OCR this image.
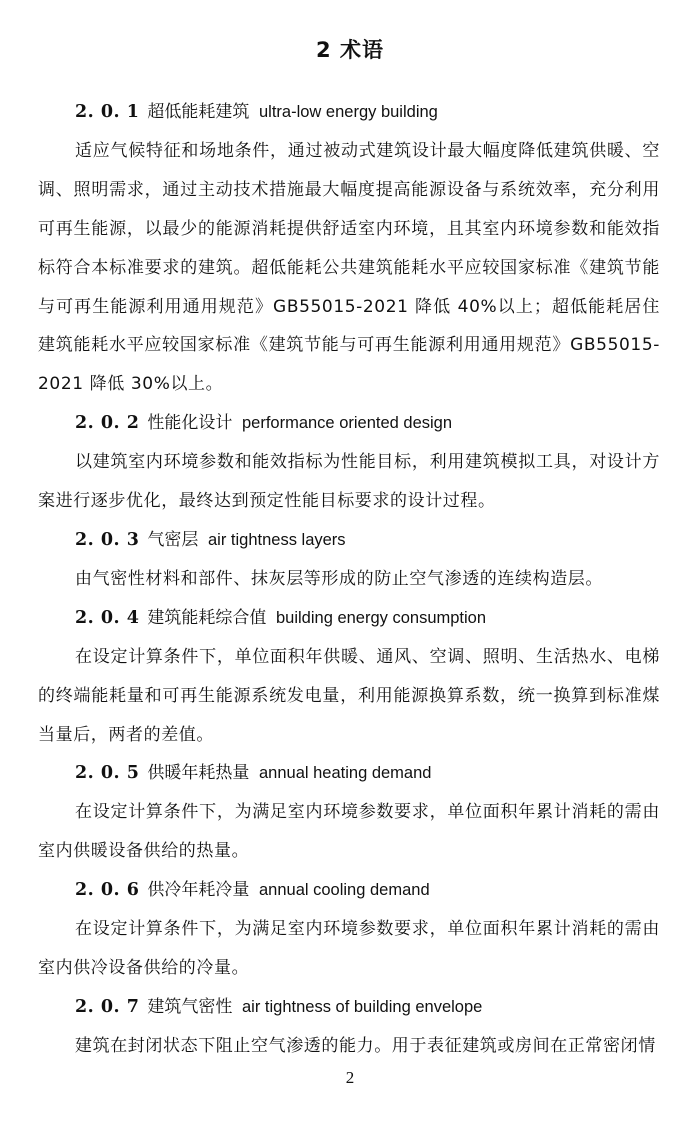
2 术语
2. 0. 1 超低能耗建筑 ultra-low energy building
适应气候特征和场地条件，通过被动式建筑设计最大幅度降低建筑供暖、空调、照明需求，通过主动技术措施最大幅度提高能源设备与系统效率，充分利用可再生能源，以最少的能源消耗提供舒适室内环境，且其室内环境参数和能效指标符合本标准要求的建筑。超低能耗公共建筑能耗水平应较国家标准《建筑节能与可再生能源利用通用规范》GB55015-2021 降低 40%以上；超低能耗居住建筑能耗水平应较国家标准《建筑节能与可再生能源利用通用规范》GB55015-2021 降低 30%以上。
2. 0. 2 性能化设计 performance oriented design
以建筑室内环境参数和能效指标为性能目标，利用建筑模拟工具，对设计方案进行逐步优化，最终达到预定性能目标要求的设计过程。
2. 0. 3 气密层 air tightness layers
由气密性材料和部件、抹灰层等形成的防止空气渗透的连续构造层。
2. 0. 4 建筑能耗综合值 building energy consumption
在设定计算条件下，单位面积年供暖、通风、空调、照明、生活热水、电梯的终端能耗量和可再生能源系统发电量，利用能源换算系数，统一换算到标准煤当量后，两者的差值。
2. 0. 5 供暖年耗热量 annual heating demand
在设定计算条件下，为满足室内环境参数要求，单位面积年累计消耗的需由室内供暖设备供给的热量。
2. 0. 6 供冷年耗冷量 annual cooling demand
在设定计算条件下，为满足室内环境参数要求，单位面积年累计消耗的需由室内供冷设备供给的冷量。
2. 0. 7 建筑气密性 air tightness of building envelope
建筑在封闭状态下阻止空气渗透的能力。用于表征建筑或房间在正常密闭情
2
